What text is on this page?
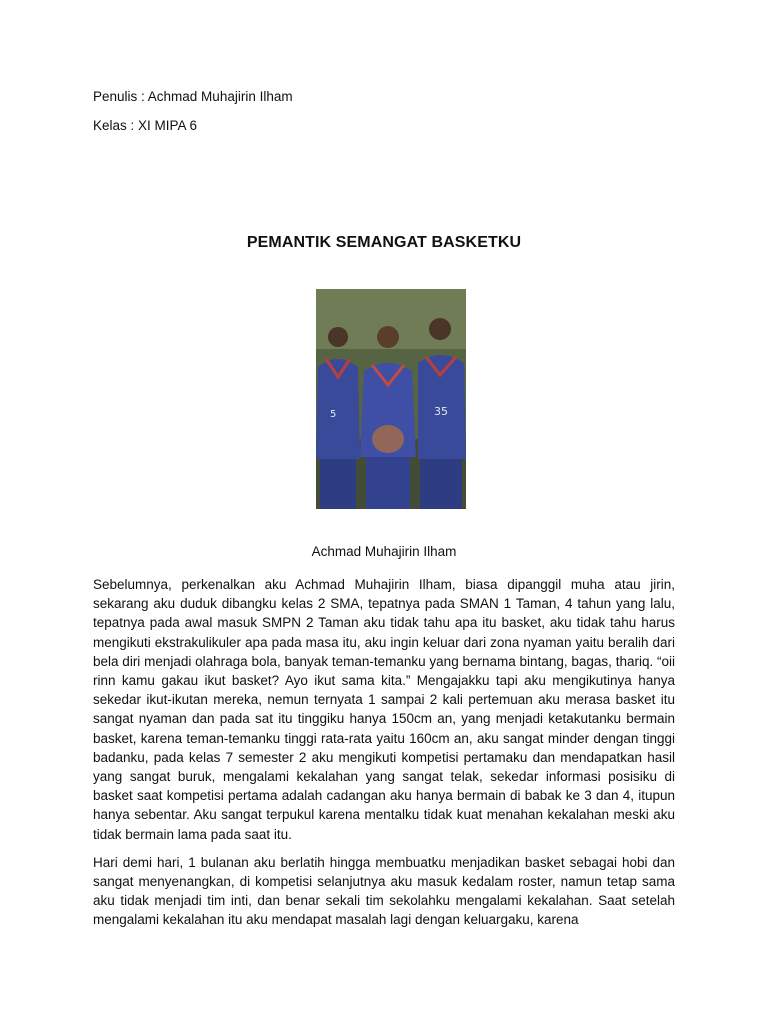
Penulis : Achmad Muhajirin Ilham
Kelas : XI MIPA 6
PEMANTIK SEMANGAT BASKETKU
5	35
Achmad Muhajirin Ilham

Sebelumnya, perkenalkan aku Achmad Muhajirin Ilham, biasa dipanggil muha atau jirin, sekarang aku duduk dibangku kelas 2 SMA, tepatnya pada SMAN 1 Taman, 4 tahun yang lalu, tepatnya pada awal masuk SMPN 2 Taman aku tidak tahu apa itu basket, aku tidak tahu harus mengikuti ekstrakulikuler apa pada masa itu, aku ingin keluar dari zona nyaman yaitu beralih dari bela diri menjadi olahraga bola, banyak teman-temanku yang bernama bintang, bagas, thariq. “oii rinn kamu gakau ikut basket? Ayo ikut sama kita.” Mengajakku tapi aku mengikutinya hanya sekedar ikut-ikutan mereka, nemun ternyata 1 sampai 2 kali pertemuan aku merasa basket itu sangat nyaman dan pada sat itu tinggiku hanya 150cm an, yang menjadi ketakutanku bermain basket, karena teman-temanku tinggi rata-rata yaitu 160cm an, aku sangat minder dengan tinggi badanku, pada kelas 7 semester 2 aku mengikuti kompetisi pertamaku dan mendapatkan hasil yang sangat buruk, mengalami kekalahan yang sangat telak, sekedar informasi posisiku di basket saat kompetisi pertama adalah cadangan aku hanya bermain di babak ke 3 dan 4, itupun hanya sebentar. Aku sangat terpukul karena mentalku tidak kuat menahan kekalahan meski aku tidak bermain lama pada saat itu.

Hari demi hari, 1 bulanan aku berlatih hingga membuatku menjadikan basket sebagai hobi dan sangat menyenangkan, di kompetisi selanjutnya aku masuk kedalam roster, namun tetap sama aku tidak menjadi tim inti, dan benar sekali tim sekolahku mengalami kekalahan. Saat setelah mengalami kekalahan itu aku mendapat masalah lagi dengan keluargaku, karena
